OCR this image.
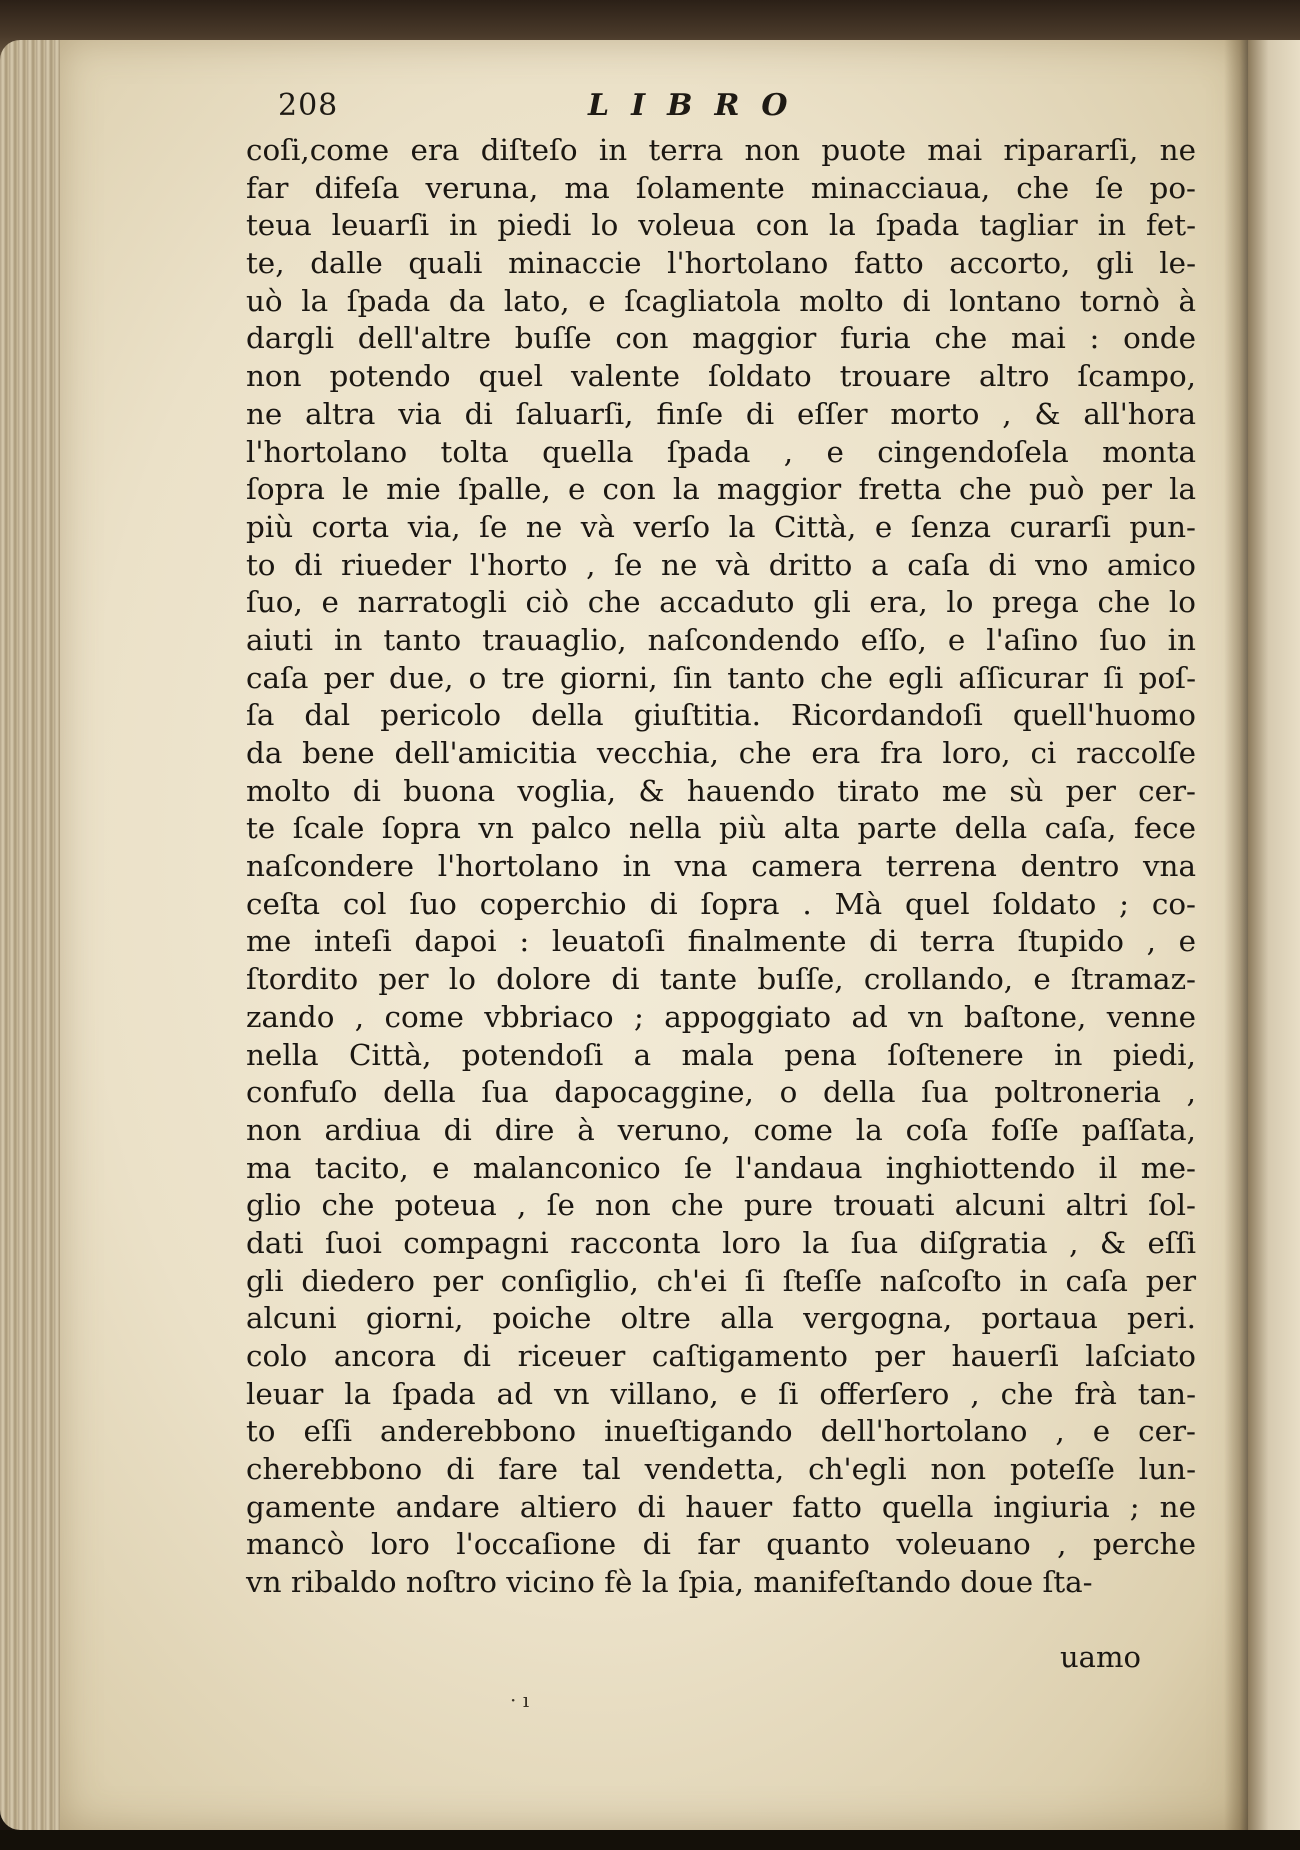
208	LIBRO
coſi,come era diſteſo in terra non puote mai ripararſi, ne
far difeſa veruna, ma ſolamente minacciaua, che ſe po-
teua leuarſi in piedi lo voleua con la ſpada tagliar in fet-
te, dalle quali minaccie l'hortolano fatto accorto, gli le-
uò la ſpada da lato, e ſcagliatola molto di lontano tornò à
dargli dell'altre buſſe con maggior furia che mai : onde
non potendo quel valente ſoldato trouare altro ſcampo,
ne altra via di ſaluarſi, finſe di eſſer morto , & all'hora
l'hortolano tolta quella ſpada , e cingendoſela monta
ſopra le mie ſpalle, e con la maggior fretta che può per la
più corta via, ſe ne và verſo la Città, e ſenza curarſi pun-
to di riueder l'horto , ſe ne và dritto a caſa di vno amico
ſuo, e narratogli ciò che accaduto gli era, lo prega che lo
aiuti in tanto trauaglio, naſcondendo eſſo, e l'aſino ſuo in
caſa per due, o tre giorni, ſin tanto che egli aſſicurar ſi poſ-
ſa dal pericolo della giuſtitia. Ricordandoſi quell'huomo
da bene dell'amicitia vecchia, che era fra loro, ci raccolſe
molto di buona voglia, & hauendo tirato me sù per cer-
te ſcale ſopra vn palco nella più alta parte della caſa, fece
naſcondere l'hortolano in vna camera terrena dentro vna
ceſta col ſuo coperchio di ſopra . Mà quel ſoldato ; co-
me inteſi dapoi : leuatoſi finalmente di terra ſtupido , e
ſtordito per lo dolore di tante buſſe, crollando, e ſtramaz-
zando , come vbbriaco ; appoggiato ad vn baſtone, venne
nella Città, potendoſi a mala pena ſoſtenere in piedi,
confuſo della ſua dapocaggine, o della ſua poltroneria ,
non ardiua di dire à veruno, come la coſa foſſe paſſata,
ma tacito, e malanconico ſe l'andaua inghiottendo il me-
glio che poteua , ſe non che pure trouati alcuni altri ſol-
dati ſuoi compagni racconta loro la ſua diſgratia , & eſſi
gli diedero per conſiglio, ch'ei ſi ſteſſe naſcoſto in caſa per
alcuni giorni, poiche oltre alla vergogna, portaua peri.
colo ancora di riceuer caſtigamento per hauerſi laſciato
leuar la ſpada ad vn villano, e ſi offerſero , che frà tan-
to eſſi anderebbono inueſtigando dell'hortolano , e cer-
cherebbono di fare tal vendetta, ch'egli non poteſſe lun-
gamente andare altiero di hauer fatto quella ingiuria ; ne
mancò loro l'occaſione di far quanto voleuano , perche
vn ribaldo noſtro vicino fè la ſpia, manifeſtando doue ſta-
uamo
· ı
